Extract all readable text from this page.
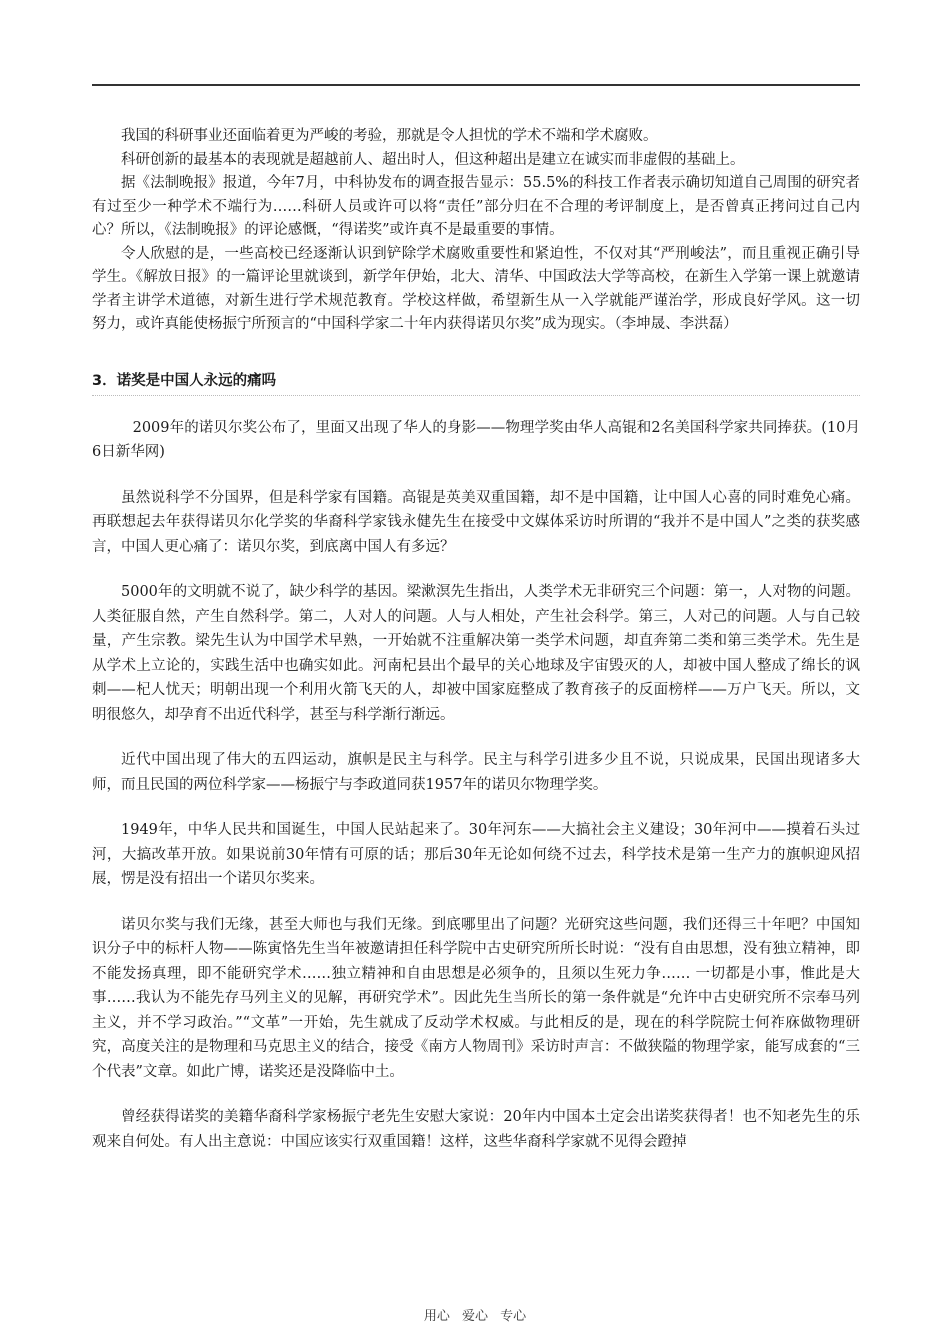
我国的科研事业还面临着更为严峻的考验，那就是令人担忧的学术不端和学术腐败。

科研创新的最基本的表现就是超越前人、超出时人，但这种超出是建立在诚实而非虚假的基础上。

据《法制晚报》报道，今年7月，中科协发布的调查报告显示：55.5%的科技工作者表示确切知道自己周围的研究者有过至少一种学术不端行为……科研人员或许可以将“责任”部分归在不合理的考评制度上，是否曾真正拷问过自己内心？所以，《法制晚报》的评论感慨，“得诺奖”或许真不是最重要的事情。

令人欣慰的是，一些高校已经逐渐认识到铲除学术腐败重要性和紧迫性，不仅对其“严刑峻法”，而且重视正确引导学生。《解放日报》的一篇评论里就谈到，新学年伊始，北大、清华、中国政法大学等高校，在新生入学第一课上就邀请学者主讲学术道德，对新生进行学术规范教育。学校这样做，希望新生从一入学就能严谨治学，形成良好学风。这一切努力，或许真能使杨振宁所预言的“中国科学家二十年内获得诺贝尔奖”成为现实。（李坤晟、李洪磊）

3．诺奖是中国人永远的痛吗

2009年的诺贝尔奖公布了，里面又出现了华人的身影——物理学奖由华人高锟和2名美国科学家共同捧获。(10月6日新华网)

虽然说科学不分国界，但是科学家有国籍。高锟是英美双重国籍，却不是中国籍，让中国人心喜的同时难免心痛。再联想起去年获得诺贝尔化学奖的华裔科学家钱永健先生在接受中文媒体采访时所谓的“我并不是中国人”之类的获奖感言，中国人更心痛了：诺贝尔奖，到底离中国人有多远？

5000年的文明就不说了，缺少科学的基因。梁漱溟先生指出，人类学术无非研究三个问题：第一，人对物的问题。人类征服自然，产生自然科学。第二，人对人的问题。人与人相处，产生社会科学。第三，人对己的问题。人与自己较量，产生宗教。梁先生认为中国学术早熟，一开始就不注重解决第一类学术问题，却直奔第二类和第三类学术。先生是从学术上立论的，实践生活中也确实如此。河南杞县出个最早的关心地球及宇宙毁灭的人，却被中国人整成了绵长的讽刺——杞人忧天；明朝出现一个利用火箭飞天的人，却被中国家庭整成了教育孩子的反面榜样——万户飞天。所以，文明很悠久，却孕育不出近代科学，甚至与科学渐行渐远。

近代中国出现了伟大的五四运动，旗帜是民主与科学。民主与科学引进多少且不说，只说成果，民国出现诸多大师，而且民国的两位科学家——杨振宁与李政道同获1957年的诺贝尔物理学奖。

1949年，中华人民共和国诞生，中国人民站起来了。30年河东——大搞社会主义建设；30年河中——摸着石头过河，大搞改革开放。如果说前30年情有可原的话；那后30年无论如何绕不过去，科学技术是第一生产力的旗帜迎风招展，愣是没有招出一个诺贝尔奖来。

诺贝尔奖与我们无缘，甚至大师也与我们无缘。到底哪里出了问题？光研究这些问题，我们还得三十年吧？中国知识分子中的标杆人物——陈寅恪先生当年被邀请担任科学院中古史研究所所长时说：“没有自由思想，没有独立精神，即不能发扬真理，即不能研究学术……独立精神和自由思想是必须争的，且须以生死力争…… 一切都是小事，惟此是大事……我认为不能先存马列主义的见解，再研究学术”。因此先生当所长的第一条件就是“允许中古史研究所不宗奉马列主义，并不学习政治。”“文革”一开始，先生就成了反动学术权威。与此相反的是，现在的科学院院士何祚庥做物理研究，高度关注的是物理和马克思主义的结合，接受《南方人物周刊》采访时声言：不做狭隘的物理学家，能写成套的“三个代表”文章。如此广博，诺奖还是没降临中土。

曾经获得诺奖的美籍华裔科学家杨振宁老先生安慰大家说：20年内中国本土定会出诺奖获得者！也不知老先生的乐观来自何处。有人出主意说：中国应该实行双重国籍！这样，这些华裔科学家就不见得会蹬掉

用心 爱心 专心
